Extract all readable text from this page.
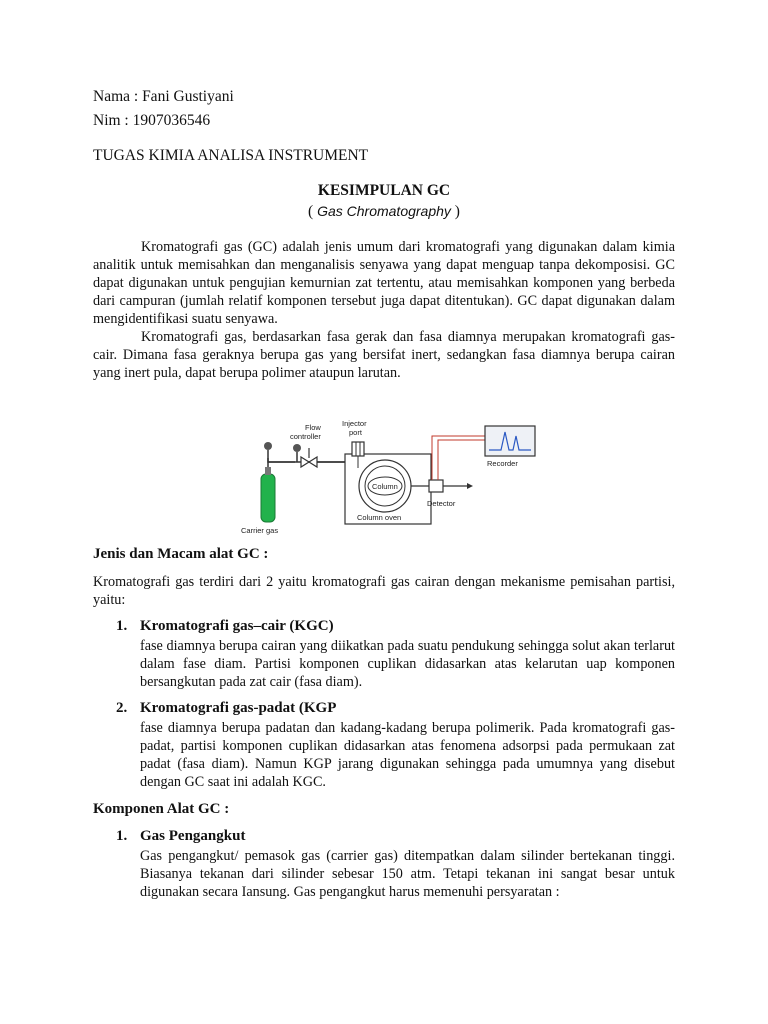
Nama : Fani Gustiyani
Nim : 1907036546
TUGAS KIMIA ANALISA INSTRUMENT
KESIMPULAN GC
( Gas Chromatography )

Kromatografi gas (GC) adalah jenis umum dari kromatografi yang digunakan dalam kimia analitik untuk memisahkan dan menganalisis senyawa yang dapat menguap tanpa dekomposisi. GC dapat digunakan untuk pengujian kemurnian zat tertentu, atau memisahkan komponen yang berbeda dari campuran (jumlah relatif komponen tersebut juga dapat ditentukan). GC dapat digunakan dalam mengidentifikasi suatu senyawa.

Kromatografi gas, berdasarkan fasa gerak dan fasa diamnya merupakan kromatografi gas-cair. Dimana fasa geraknya berupa gas yang bersifat inert, sedangkan fasa diamnya berupa cairan yang inert pula, dapat berupa polimer ataupun larutan.

Flow
controller
Column oven
Injector
port
Column
Detector
Recorder
Carrier gas
Jenis dan Macam alat GC :
Kromatografi gas terdiri dari 2 yaitu kromatografi gas cairan dengan mekanisme pemisahan partisi, yaitu:
1. Kromatografi gas–cair (KGC)
fase diamnya berupa cairan yang diikatkan pada suatu pendukung sehingga solut akan terlarut dalam fase diam. Partisi komponen cuplikan didasarkan atas kelarutan uap komponen bersangkutan pada zat cair (fasa diam).
2. Kromatografi gas-padat (KGP
fase diamnya berupa padatan dan kadang-kadang berupa polimerik. Pada kromatografi gas-padat, partisi komponen cuplikan didasarkan atas fenomena adsorpsi pada permukaan zat padat (fasa diam). Namun KGP jarang digunakan sehingga pada umumnya yang disebut dengan GC saat ini adalah KGC.
Komponen Alat GC :
1. Gas Pengangkut
Gas pengangkut/ pemasok gas (carrier gas) ditempatkan dalam silinder bertekanan tinggi. Biasanya tekanan dari silinder sebesar 150 atm. Tetapi tekanan ini sangat besar untuk digunakan secara Iansung. Gas pengangkut harus memenuhi persyaratan :
